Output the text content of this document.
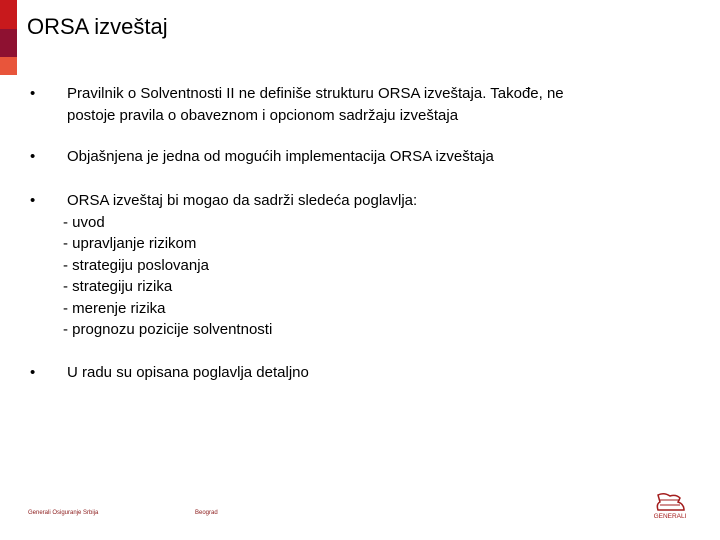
ORSA izveštaj
• Pravilnik o Solventnosti II ne definiše strukturu ORSA izveštaja. Takođe, ne
postoje pravila o obaveznom i opcionom sadržaju izveštaja
• Objašnjena je jedna od mogućih implementacija ORSA izveštaja
• ORSA izveštaj bi mogao da sadrži sledeća poglavlja:
- uvod
- upravljanje rizikom
- strategiju poslovanja
- strategiju rizika
- merenje rizika
- prognozu pozicije solventnosti
• U radu su opisana poglavlja detaljno
Generali Osiguranje Srbija	Beograd	GENERALI
